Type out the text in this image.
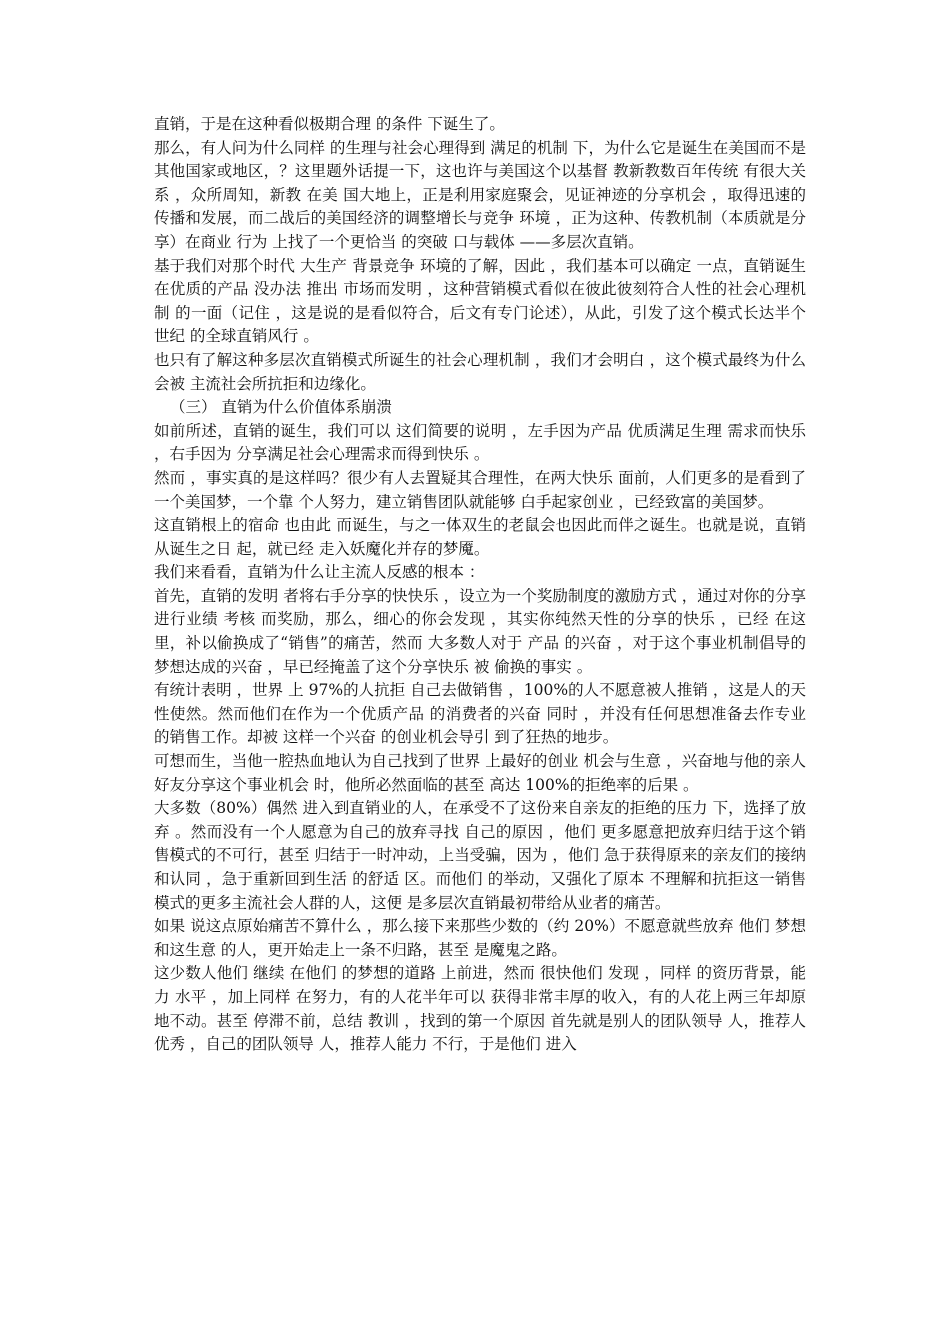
直销，于是在这种看似极期合理 的条件 下诞生了。

那么，有人问为什么同样 的生理与社会心理得到 满足的机制 下，为什么它是诞生在美国而不是其他国家或地区，？这里题外话提一下，这也许与美国这个以基督 教新教数百年传统 有很大关系 ，众所周知，新教 在美 国大地上，正是利用家庭聚会，见证神迹的分享机会 ，取得迅速的传播和发展，而二战后的美国经济的调整增长与竞争 环境 ，正为这种、传教机制（本质就是分享）在商业 行为 上找了一个更恰当 的突破 口与载体 ——多层次直销。

基于我们对那个时代 大生产 背景竞争 环境的了解，因此 ，我们基本可以确定 一点，直销诞生在优质的产品 没办法 推出 市场而发明 ，这种营销模式看似在彼此彼刻符合人性的社会心理机制 的一面（记住 ，这是说的是看似符合，后文有专门论述），从此，引发了这个模式长达半个世纪 的全球直销风行 。

也只有了解这种多层次直销模式所诞生的社会心理机制 ，我们才会明白 ，这个模式最终为什么会被 主流社会所抗拒和边缘化。

（三） 直销为什么价值体系崩溃

如前所述，直销的诞生，我们可以 这们简要的说明 ，左手因为产品 优质满足生理 需求而快乐 ，右手因为 分享满足社会心理需求而得到快乐 。

然而 ，事实真的是这样吗？很少有人去置疑其合理性，在两大快乐 面前，人们更多的是看到了一个美国梦，一个靠 个人努力，建立销售团队就能够 白手起家创业 ，已经致富的美国梦。

这直销根上的宿命 也由此 而诞生，与之一体双生的老鼠会也因此而伴之诞生。也就是说，直销从诞生之日 起，就已经 走入妖魔化并存的梦魇。

我们来看看，直销为什么让主流人反感的根本 ：

首先，直销的发明 者将右手分享的快快乐 ，设立为一个奖励制度的激励方式 ，通过对你的分享进行业绩 考核 而奖励，那么，细心的你会发现 ，其实你纯然天性的分享的快乐 ，已经 在这里，补以偷换成了“销售”的痛苦，然而 大多数人对于 产品 的兴奋 ，对于这个事业机制倡导的梦想达成的兴奋 ，早已经掩盖了这个分享快乐 被 偷换的事实 。

有统计表明 ，世界 上 97%的人抗拒 自己去做销售 ，100%的人不愿意被人推销 ，这是人的天性使然。然而他们在作为一个优质产品 的消费者的兴奋 同时 ，并没有任何思想准备去作专业 的销售工作。却被 这样一个兴奋 的创业机会导引 到了狂热的地步。

可想而生，当他一腔热血地认为自己找到了世界 上最好的创业 机会与生意 ，兴奋地与他的亲人好友分享这个事业机会 时，他所必然面临的甚至 高达 100%的拒绝率的后果 。

大多数（80%）偶然 进入到直销业的人，在承受不了这份来自亲友的拒绝的压力 下，选择了放弃 。然而没有一个人愿意为自己的放弃寻找 自己的原因 ，他们 更多愿意把放弃归结于这个销售模式的不可行，甚至 归结于一时冲动，上当受骗，因为 ，他们 急于获得原来的亲友们的接纳和认同 ，急于重新回到生活 的舒适 区。而他们 的举动，又强化了原本 不理解和抗拒这一销售模式的更多主流社会人群的人，这便 是多层次直销最初带给从业者的痛苦。

如果 说这点原始痛苦不算什么 ，那么接下来那些少数的（约 20%）不愿意就些放弃 他们 梦想和这生意 的人，更开始走上一条不归路，甚至 是魔鬼之路。

这少数人他们 继续 在他们 的梦想的道路 上前进，然而 很快他们 发现 ，同样 的资历背景，能力 水平 ，加上同样 在努力，有的人花半年可以 获得非常丰厚的收入，有的人花上两三年却原地不动。甚至 停滞不前，总结 教训 ，找到的第一个原因 首先就是别人的团队领导 人，推荐人优秀 ，自己的团队领导 人，推荐人能力 不行，于是他们 进入
